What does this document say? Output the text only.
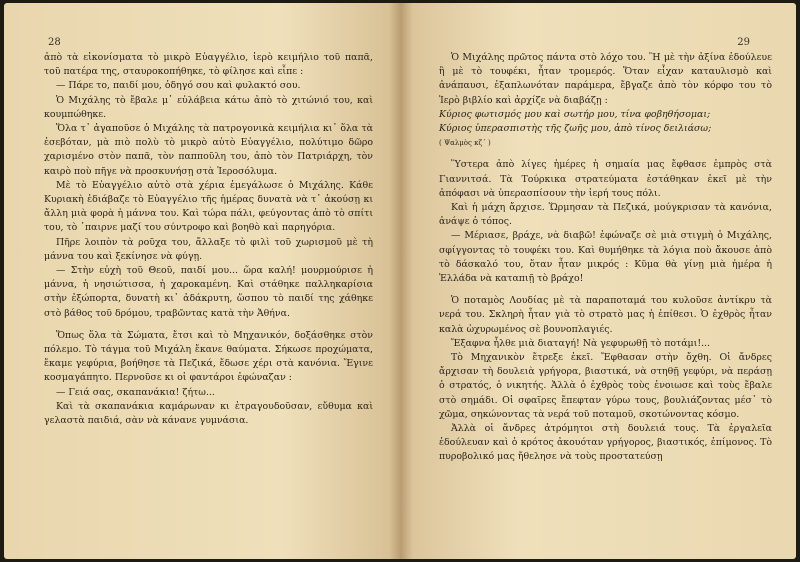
28

ἀπὸ τὰ εἰκονίσματα τὸ μικρὸ Εὐαγγέλιο, ἱερὸ κειμήλιο τοῦ παπᾶ, τοῦ πατέρα της, σταυροκοπήθηκε, τὸ φίλησε καὶ εἶπε :

— Πάρε το, παιδί μου, ὁδηγό σου καὶ φυλακτό σου.

Ὁ Μιχάλης τὸ ἔβαλε μ᾽ εὐλάβεια κάτω ἀπὸ τὸ χιτώνιό του, καὶ κουμπώθηκε.

Ὅλα τ᾽ ἀγαποῦσε ὁ Μιχάλης τὰ πατρογονικὰ κειμήλια κι᾽ ὅλα τὰ ἐσεβόταν, μὰ πιὸ πολὺ τὸ μικρὸ αὐτὸ Εὐαγγέλιο, πολύτιμο δῶρο χαρισμένο στὸν παπᾶ, τὸν παπποῦλη του, ἀπὸ τὸν Πατριάρχη, τὸν καιρὸ ποὺ πῆγε νὰ προσκυνήσῃ στὰ Ἱεροσόλυμα.

Μὲ τὸ Εὐαγγέλιο αὐτὸ στὰ χέρια ἐμεγάλωσε ὁ Μιχάλης. Κάθε Κυριακὴ ἐδιάβαζε τὸ Εὐαγγέλιο τῆς ἡμέρας δυνατὰ νὰ τ᾽ ἀκούσῃ κι ἄλλη μιὰ φορὰ ἡ μάννα του. Καὶ τώρα πάλι, φεύγοντας ἀπὸ τὸ σπίτι του, τὸ ᾽παιρνε μαζί του σύντροφο καὶ βοηθὸ καὶ παρηγόρια.

Πῆρε λοιπὸν τὰ ροῦχα του, ἄλλαξε τὸ φιλὶ τοῦ χωρισμοῦ μὲ τὴ μάννα του καὶ ξεκίνησε νὰ φύγῃ.

— Στὴν εὐχὴ τοῦ Θεοῦ, παιδί μου... ὥρα καλή! μουρμούρισε ἡ μάννα, ἡ νησιώτισσα, ἡ χαροκαμένη. Καὶ στάθηκε παλληκαρίσια στὴν ἐξώπορτα, δυνατὴ κι᾽ ἀδάκρυτη, ὥσπου τὸ παιδί της χάθηκε στὸ βάθος τοῦ δρόμου, τραβῶντας κατὰ τὴν Ἀθήνα.

Ὅπως ὅλα τὰ Σώματα, ἔτσι καὶ τὸ Μηχανικόν, δοξάσθηκε στὸν πόλεμο. Τὸ τάγμα τοῦ Μιχάλη ἔκανε θαύματα. Σήκωσε προχώματα, ἔκαμε γεφύρια, βοήθησε τὰ Πεζικά, ἔδωσε χέρι στὰ κανόνια. Ἔγινε κοσμαγάπητο. Περνοῦσε κι οἱ φαντάροι ἐφώναζαν :

— Γειά σας, σκαπανάκια! ζήτω...

Καὶ τὰ σκαπανάκια καμάρωναν κι ἐτραγουδοῦσαν, εὔθυμα καὶ γελαστὰ παιδιά, σὰν νὰ κάνανε γυμνάσια.

29

Ὁ Μιχάλης πρῶτος πάντα στὸ λόχο του. Ἢ μὲ τὴν ἀξίνα ἐδούλευε ἢ μὲ τὸ τουφέκι, ἦταν τρομερός. Ὅταν εἶχαν καταυλισμὸ καὶ ἀνάπαυσι, ἐξαπλωνόταν παράμερα, ἔβγαζε ἀπὸ τὸν κόρφο του τὸ Ἱερὸ βιβλίο καὶ ἀρχίζε νὰ διαβάζῃ :

Κύριος φωτισμός μου καὶ σωτήρ μου, τίνα φοβηθήσομαι;

Κύριος ὑπερασπιστὴς τῆς ζωῆς μου, ἀπὸ τίνος δειλιάσω;

( Ψαλμὸς κζ΄ )

Ὕστερα ἀπὸ λίγες ἡμέρες ἡ σημαία μας ἔφθασε ἐμπρὸς στὰ Γιαννιτσά. Τὰ Τούρκικα στρατεύματα ἐστάθηκαν ἐκεῖ μὲ τὴν ἀπόφασι νὰ ὑπερασπίσουν τὴν ἱερή τους πόλι.

Καὶ ἡ μάχη ἄρχισε. Ὥρμησαν τὰ Πεζικά, μούγκρισαν τὰ κανόνια, ἀνάψε ὁ τόπος.

— Μέριασε, βράχε, νὰ διαβῶ! ἐφώναζε σὲ μιὰ στιγμὴ ὁ Μιχάλης, σφίγγοντας τὸ τουφέκι του. Καὶ θυμήθηκε τὰ λόγια ποὺ ἄκουσε ἀπὸ τὸ δάσκαλό του, ὅταν ἦταν μικρός : Κῦμα θὰ γίνῃ μιὰ ἡμέρα ἡ Ἑλλάδα νὰ καταπιῇ τὸ βράχο!

Ὁ ποταμὸς Λουδίας μὲ τὰ παραποταμά του κυλοῦσε ἀντίκρυ τὰ νερά του. Σκληρὴ ἦταν γιὰ τὸ στρατὸ μας ἡ ἐπίθεσι. Ὁ ἐχθρὸς ἦταν καλὰ ὠχυρωμένος σὲ βουνοπλαγιές.

Ἔξαφνα ἦλθε μιὰ διαταγή! Νὰ γεφυρωθῇ τὸ ποτάμι!...

Τὸ Μηχανικὸν ἔτρεξε ἐκεῖ. Ἔφθασαν στὴν ὄχθη. Οἱ ἄνδρες ἄρχισαν τὴ δουλειὰ γρήγορα, βιαστικά, νὰ στηθῇ γεφύρι, νὰ περάσῃ ὁ στρατός, ὁ νικητής. Ἀλλὰ ὁ ἐχθρὸς τοὺς ἐνοιωσε καὶ τοὺς ἔβαλε στὸ σημάδι. Οἱ σφαῖρες ἔπεφταν γύρω τους, βουλιάζοντας μέσ᾽ τὸ χῶμα, σηκώνοντας τὰ νερά τοῦ ποταμοῦ, σκοτώνοντας κόσμο.

Ἀλλὰ οἱ ἄνδρες ἀτρόμητοι στὴ δουλειά τους. Τὰ ἐργαλεῖα ἐδούλευαν καὶ ὁ κρότος ἀκουόταν γρήγορος, βιαστικός, ἐπίμονος. Τὸ πυροβολικό μας ἤθελησε νὰ τοὺς προστατεύσῃ
